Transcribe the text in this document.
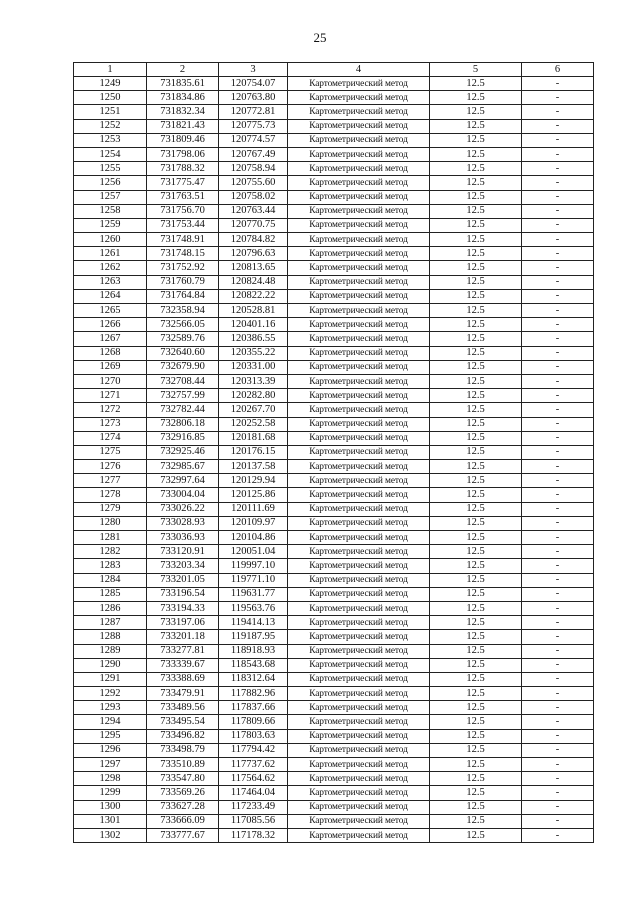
25
1	2	3	4	5	6
1249	731835.61	120754.07	Картометрический метод	12.5	-
1250	731834.86	120763.80	Картометрический метод	12.5	-
1251	731832.34	120772.81	Картометрический метод	12.5	-
1252	731821.43	120775.73	Картометрический метод	12.5	-
1253	731809.46	120774.57	Картометрический метод	12.5	-
1254	731798.06	120767.49	Картометрический метод	12.5	-
1255	731788.32	120758.94	Картометрический метод	12.5	-
1256	731775.47	120755.60	Картометрический метод	12.5	-
1257	731763.51	120758.02	Картометрический метод	12.5	-
1258	731756.70	120763.44	Картометрический метод	12.5	-
1259	731753.44	120770.75	Картометрический метод	12.5	-
1260	731748.91	120784.82	Картометрический метод	12.5	-
1261	731748.15	120796.63	Картометрический метод	12.5	-
1262	731752.92	120813.65	Картометрический метод	12.5	-
1263	731760.79	120824.48	Картометрический метод	12.5	-
1264	731764.84	120822.22	Картометрический метод	12.5	-
1265	732358.94	120528.81	Картометрический метод	12.5	-
1266	732566.05	120401.16	Картометрический метод	12.5	-
1267	732589.76	120386.55	Картометрический метод	12.5	-
1268	732640.60	120355.22	Картометрический метод	12.5	-
1269	732679.90	120331.00	Картометрический метод	12.5	-
1270	732708.44	120313.39	Картометрический метод	12.5	-
1271	732757.99	120282.80	Картометрический метод	12.5	-
1272	732782.44	120267.70	Картометрический метод	12.5	-
1273	732806.18	120252.58	Картометрический метод	12.5	-
1274	732916.85	120181.68	Картометрический метод	12.5	-
1275	732925.46	120176.15	Картометрический метод	12.5	-
1276	732985.67	120137.58	Картометрический метод	12.5	-
1277	732997.64	120129.94	Картометрический метод	12.5	-
1278	733004.04	120125.86	Картометрический метод	12.5	-
1279	733026.22	120111.69	Картометрический метод	12.5	-
1280	733028.93	120109.97	Картометрический метод	12.5	-
1281	733036.93	120104.86	Картометрический метод	12.5	-
1282	733120.91	120051.04	Картометрический метод	12.5	-
1283	733203.34	119997.10	Картометрический метод	12.5	-
1284	733201.05	119771.10	Картометрический метод	12.5	-
1285	733196.54	119631.77	Картометрический метод	12.5	-
1286	733194.33	119563.76	Картометрический метод	12.5	-
1287	733197.06	119414.13	Картометрический метод	12.5	-
1288	733201.18	119187.95	Картометрический метод	12.5	-
1289	733277.81	118918.93	Картометрический метод	12.5	-
1290	733339.67	118543.68	Картометрический метод	12.5	-
1291	733388.69	118312.64	Картометрический метод	12.5	-
1292	733479.91	117882.96	Картометрический метод	12.5	-
1293	733489.56	117837.66	Картометрический метод	12.5	-
1294	733495.54	117809.66	Картометрический метод	12.5	-
1295	733496.82	117803.63	Картометрический метод	12.5	-
1296	733498.79	117794.42	Картометрический метод	12.5	-
1297	733510.89	117737.62	Картометрический метод	12.5	-
1298	733547.80	117564.62	Картометрический метод	12.5	-
1299	733569.26	117464.04	Картометрический метод	12.5	-
1300	733627.28	117233.49	Картометрический метод	12.5	-
1301	733666.09	117085.56	Картометрический метод	12.5	-
1302	733777.67	117178.32	Картометрический метод	12.5	-
